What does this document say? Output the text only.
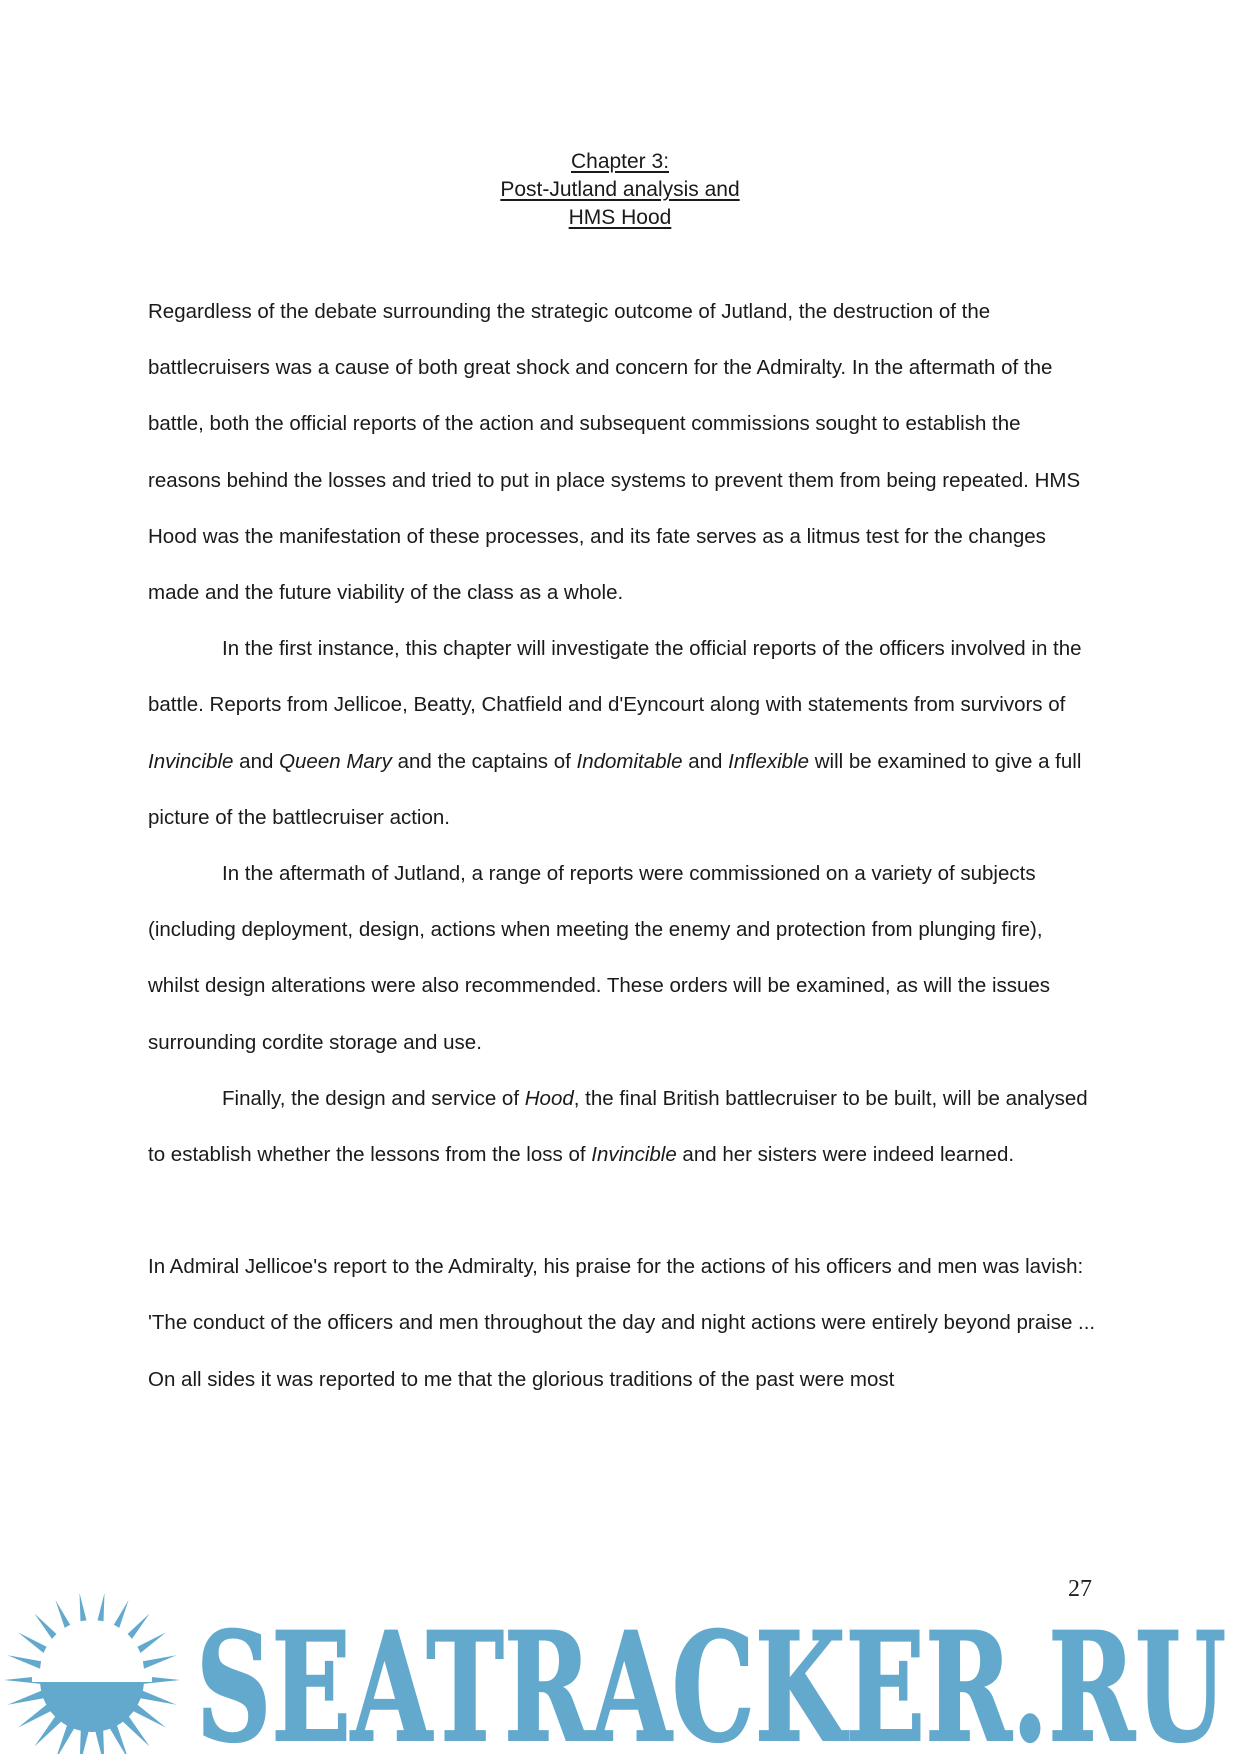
Chapter 3:
Post-Jutland analysis and
HMS Hood

Regardless of the debate surrounding the strategic outcome of Jutland, the destruction of the battlecruisers was a cause of both great shock and concern for the Admiralty. In the aftermath of the battle, both the official reports of the action and subsequent commissions sought to establish the reasons behind the losses and tried to put in place systems to prevent them from being repeated. HMS Hood was the manifestation of these processes, and its fate serves as a litmus test for the changes made and the future viability of the class as a whole.

In the first instance, this chapter will investigate the official reports of the officers involved in the battle. Reports from Jellicoe, Beatty, Chatfield and d'Eyncourt along with statements from survivors of Invincible and Queen Mary and the captains of Indomitable and Inflexible will be examined to give a full picture of the battlecruiser action.

In the aftermath of Jutland, a range of reports were commissioned on a variety of subjects (including deployment, design, actions when meeting the enemy and protection from plunging fire), whilst design alterations were also recommended. These orders will be examined, as will the issues surrounding cordite storage and use.

Finally, the design and service of Hood, the final British battlecruiser to be built, will be analysed to establish whether the lessons from the loss of Invincible and her sisters were indeed learned.

In Admiral Jellicoe's report to the Admiralty, his praise for the actions of his officers and men was lavish: 'The conduct of the officers and men throughout the day and night actions were entirely beyond praise ... On all sides it was reported to me that the glorious traditions of the past were most

27
SEATRACKER.RU
